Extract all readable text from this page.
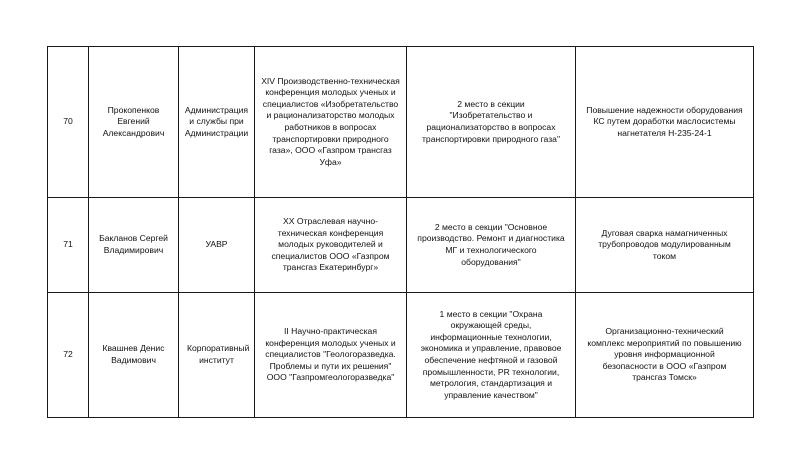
70	Прокопенков Евгений Александрович	Администрация и службы при Администрации	XIV Производственно-техническая конференция молодых ученых и специалистов «Изобретательство и рационализаторство молодых работников в вопросах транспортировки природного газа», ООО «Газпром трансгаз Уфа»	2 место в секции "Изобретательство и рационализаторство в вопросах транспортировки природного газа"	Повышение надежности оборудования КС путем доработки маслосистемы нагнетателя Н-235-24-1
71	Бакланов Сергей Владимирович	УАВР	XX Отраслевая научно-техническая конференция молодых руководителей и специалистов ООО «Газпром трансгаз Екатеринбург»	2 место в секции "Основное производство. Ремонт и диагностика МГ и технологического оборудования"	Дуговая сварка намагниченных трубопроводов модулированным током
72	Квашнев Денис Вадимович	Корпоративный институт	II Научно-практическая конференция молодых ученых и специалистов "Геологоразведка. Проблемы и пути их решения" ООО "Газпромгеологоразведка"	1 место в секции "Охрана окружающей среды, информационные технологии, экономика и управление, правовое обеспечение нефтяной и газовой промышленности, PR технологии, метрология, стандартизация и управление качеством"	Организационно-технический комплекс мероприятий по повышению уровня информационной безопасности в ООО «Газпром трансгаз Томск»
